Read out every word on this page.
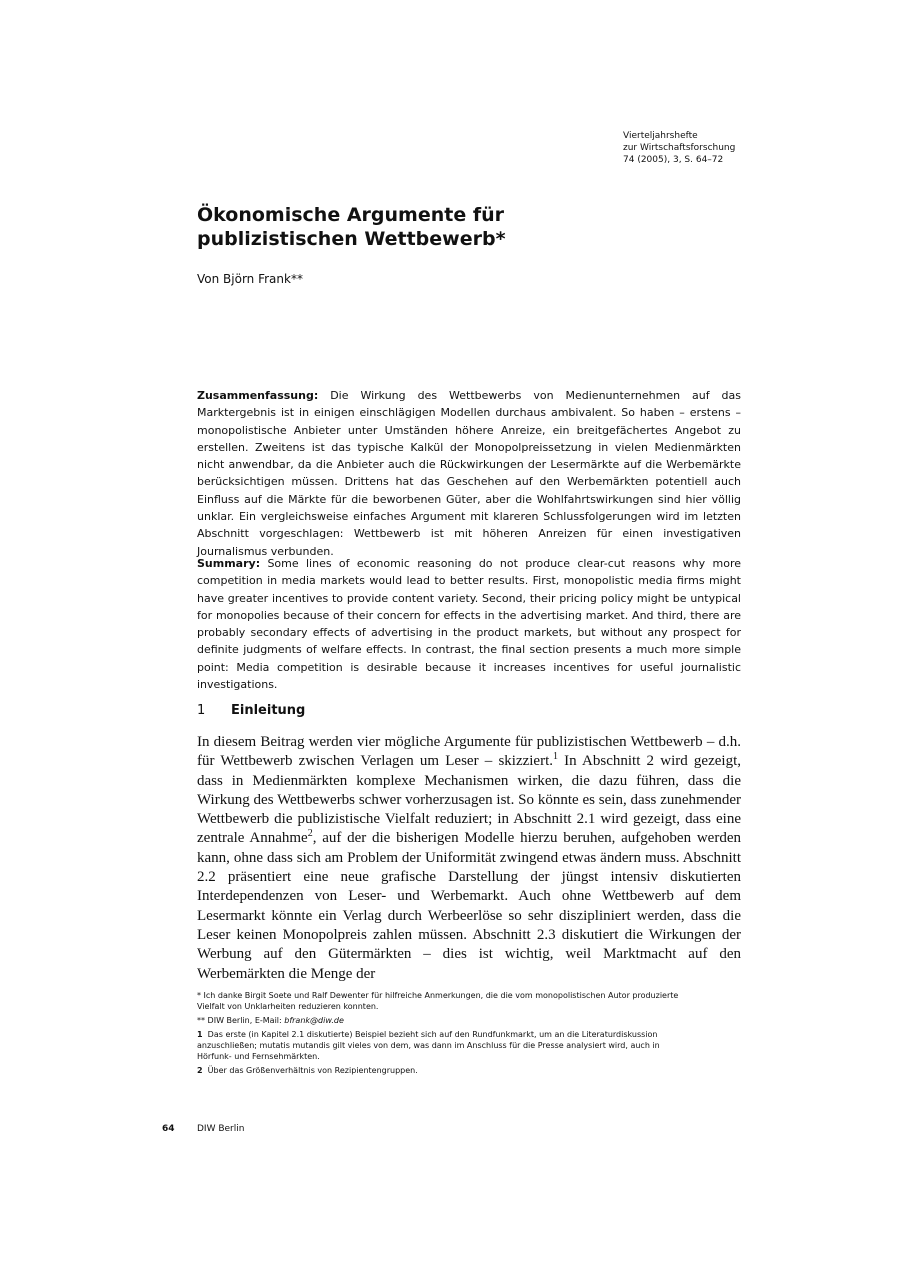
Vierteljahrshefte
zur Wirtschaftsforschung
74 (2005), 3, S. 64–72
Ökonomische Argumente für
publizistischen Wettbewerb*
Von Björn Frank**
Zusammenfassung: Die Wirkung des Wettbewerbs von Medienunternehmen auf das Marktergebnis ist in einigen einschlägigen Modellen durchaus ambivalent. So haben – erstens – monopolistische Anbieter unter Umständen höhere Anreize, ein breitgefächertes Angebot zu erstellen. Zweitens ist das typische Kalkül der Monopolpreissetzung in vielen Medienmärkten nicht anwendbar, da die Anbieter auch die Rückwirkungen der Lesermärkte auf die Werbemärkte berücksichtigen müssen. Drittens hat das Geschehen auf den Werbemärkten potentiell auch Einfluss auf die Märkte für die beworbenen Güter, aber die Wohlfahrtswirkungen sind hier völlig unklar. Ein vergleichsweise einfaches Argument mit klareren Schlussfolgerungen wird im letzten Abschnitt vorgeschlagen: Wettbewerb ist mit höheren Anreizen für einen investigativen Journalismus verbunden.
Summary: Some lines of economic reasoning do not produce clear-cut reasons why more competition in media markets would lead to better results. First, monopolistic media firms might have greater incentives to provide content variety. Second, their pricing policy might be untypical for monopolies because of their concern for effects in the advertising market. And third, there are probably secondary effects of advertising in the product markets, but without any prospect for definite judgments of welfare effects. In contrast, the final section presents a much more simple point: Media competition is desirable because it increases incentives for useful journalistic investigations.
1 Einleitung

In diesem Beitrag werden vier mögliche Argumente für publizistischen Wettbewerb – d.h. für Wettbewerb zwischen Verlagen um Leser – skizziert.$^1$ In Abschnitt 2 wird gezeigt, dass in Medienmärkten komplexe Mechanismen wirken, die dazu führen, dass die Wirkung des Wettbewerbs schwer vorherzusagen ist. So könnte es sein, dass zunehmender Wettbewerb die publizistische Vielfalt reduziert; in Abschnitt 2.1 wird gezeigt, dass eine zentrale Annahme$^2$, auf der die bisherigen Modelle hierzu beruhen, aufgehoben werden kann, ohne dass sich am Problem der Uniformität zwingend etwas ändern muss. Abschnitt 2.2 präsentiert eine neue grafische Darstellung der jüngst intensiv diskutierten Interdependenzen von Leser- und Werbemarkt. Auch ohne Wettbewerb auf dem Lesermarkt könnte ein Verlag durch Werbeerlöse so sehr diszipliniert werden, dass die Leser keinen Monopolpreis zahlen müssen. Abschnitt 2.3 diskutiert die Wirkungen der Werbung auf den Gütermärkten – dies ist wichtig, weil Marktmacht auf den Werbemärkten die Menge der

* Ich danke Birgit Soete und Ralf Dewenter für hilfreiche Anmerkungen, die die vom monopolistischen Autor produzierte Vielfalt von Unklarheiten reduzieren konnten.

** DIW Berlin, E-Mail: bfrank@diw.de

1 Das erste (in Kapitel 2.1 diskutierte) Beispiel bezieht sich auf den Rundfunkmarkt, um an die Literaturdiskussion anzuschließen; mutatis mutandis gilt vieles von dem, was dann im Anschluss für die Presse analysiert wird, auch in Hörfunk- und Fernsehmärkten.

2 Über das Größenverhältnis von Rezipientengruppen.

64 DIW Berlin
